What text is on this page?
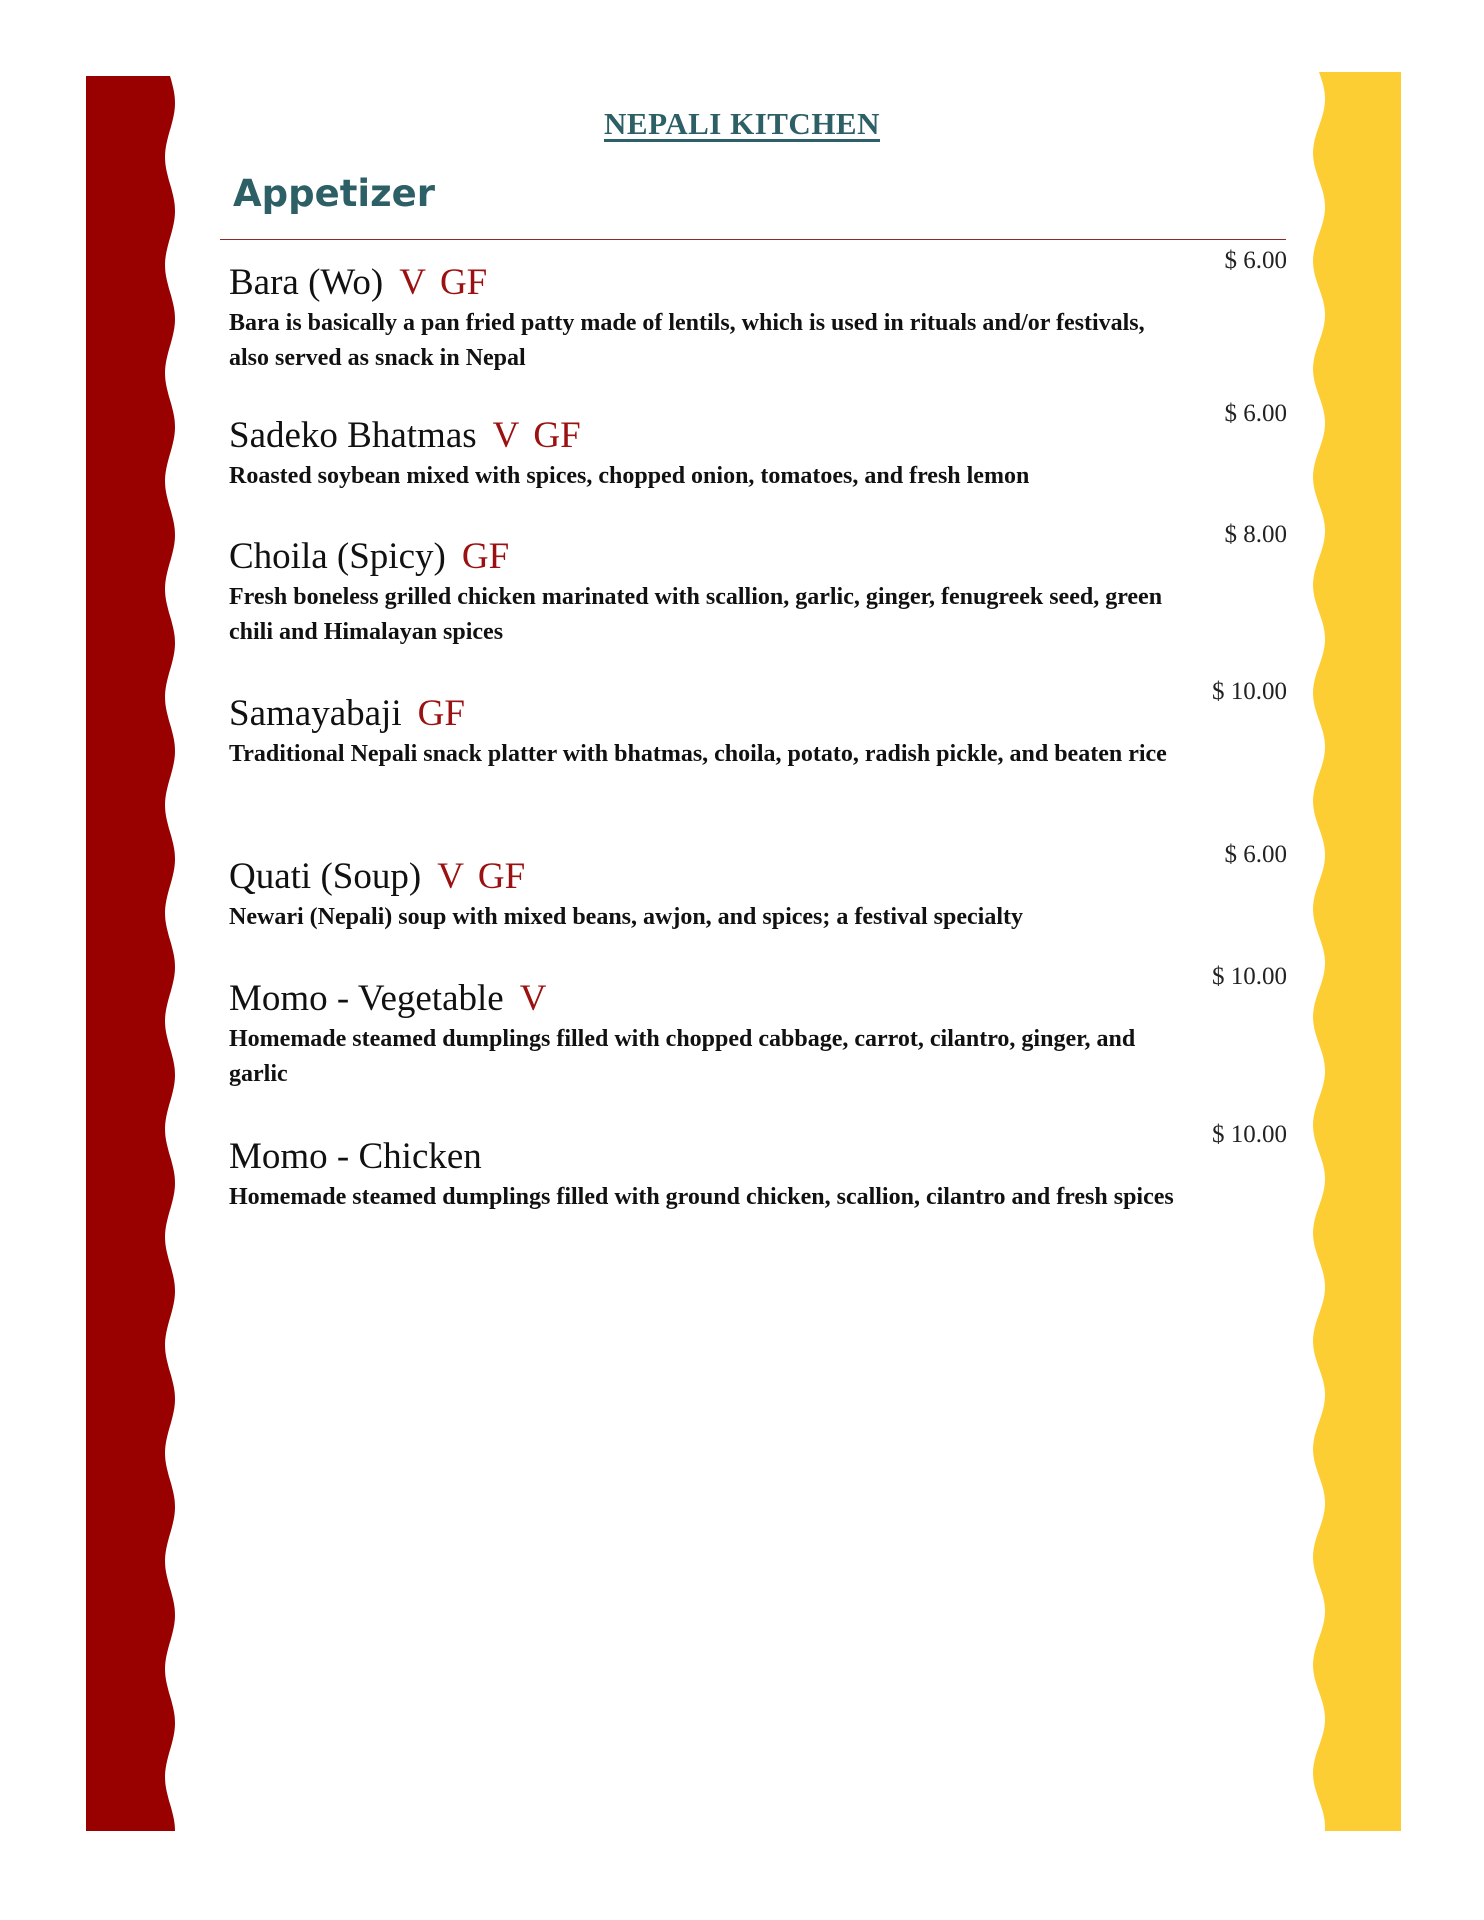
NEPALI KITCHEN
Appetizer
Bara (Wo) V GF
Bara is basically a pan fried patty made of lentils, which is used in rituals and/or festivals, also served as snack in Nepal
$ 6.00
Sadeko Bhatmas V GF
Roasted soybean mixed with spices, chopped onion, tomatoes, and fresh lemon
$ 6.00
Choila (Spicy) GF
Fresh boneless grilled chicken marinated with scallion, garlic, ginger, fenugreek seed, green chili and Himalayan spices
$ 8.00
Samayabaji GF
Traditional Nepali snack platter with bhatmas, choila, potato, radish pickle, and beaten rice
$ 10.00
Quati (Soup) V GF
Newari (Nepali) soup with mixed beans, awjon, and spices; a festival specialty
$ 6.00
Momo - Vegetable V
Homemade steamed dumplings filled with chopped cabbage, carrot, cilantro, ginger, and garlic
$ 10.00
Momo - Chicken
Homemade steamed dumplings filled with ground chicken, scallion, cilantro and fresh spices
$ 10.00
